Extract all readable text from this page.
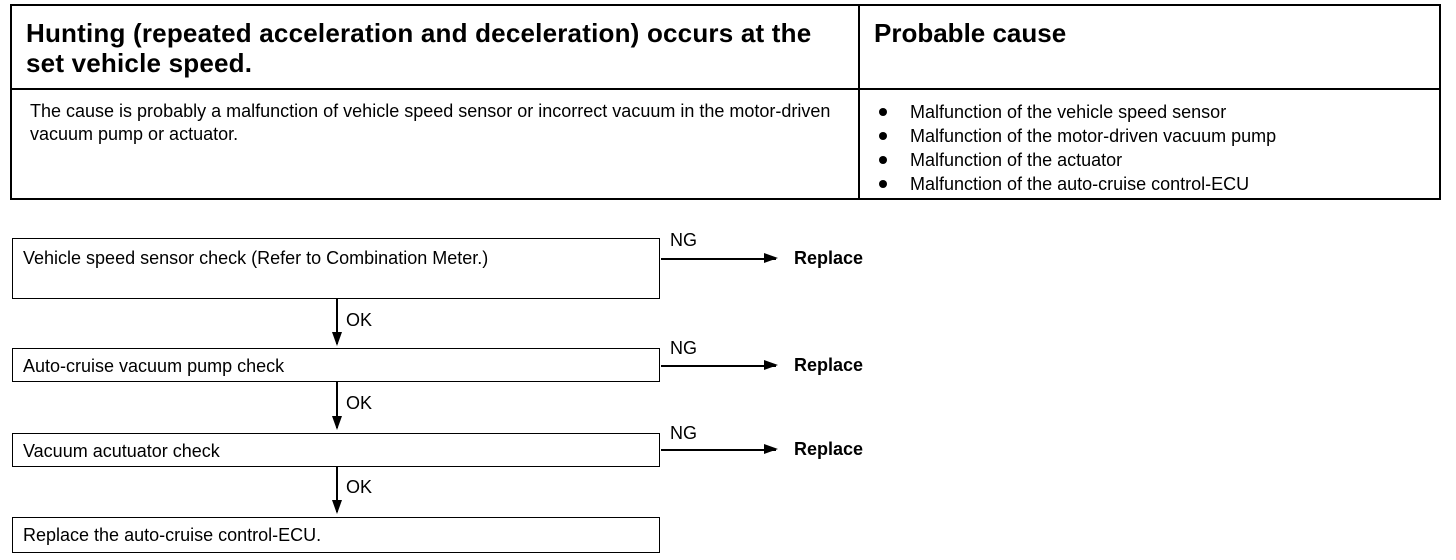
Hunting (repeated acceleration and deceleration) occurs at the set vehicle speed.
Probable cause
The cause is probably a malfunction of vehicle speed sensor or incorrect vacuum in the motor-driven vacuum pump or actuator.
Malfunction of the vehicle speed sensor
Malfunction of the motor-driven vacuum pump
Malfunction of the actuator
Malfunction of the auto-cruise control-ECU
Vehicle speed sensor check (Refer to Combination Meter.)
NG
Replace
OK
Auto-cruise vacuum pump check
NG
Replace
OK
Vacuum acutuator check
NG
Replace
OK
Replace the auto-cruise control-ECU.
